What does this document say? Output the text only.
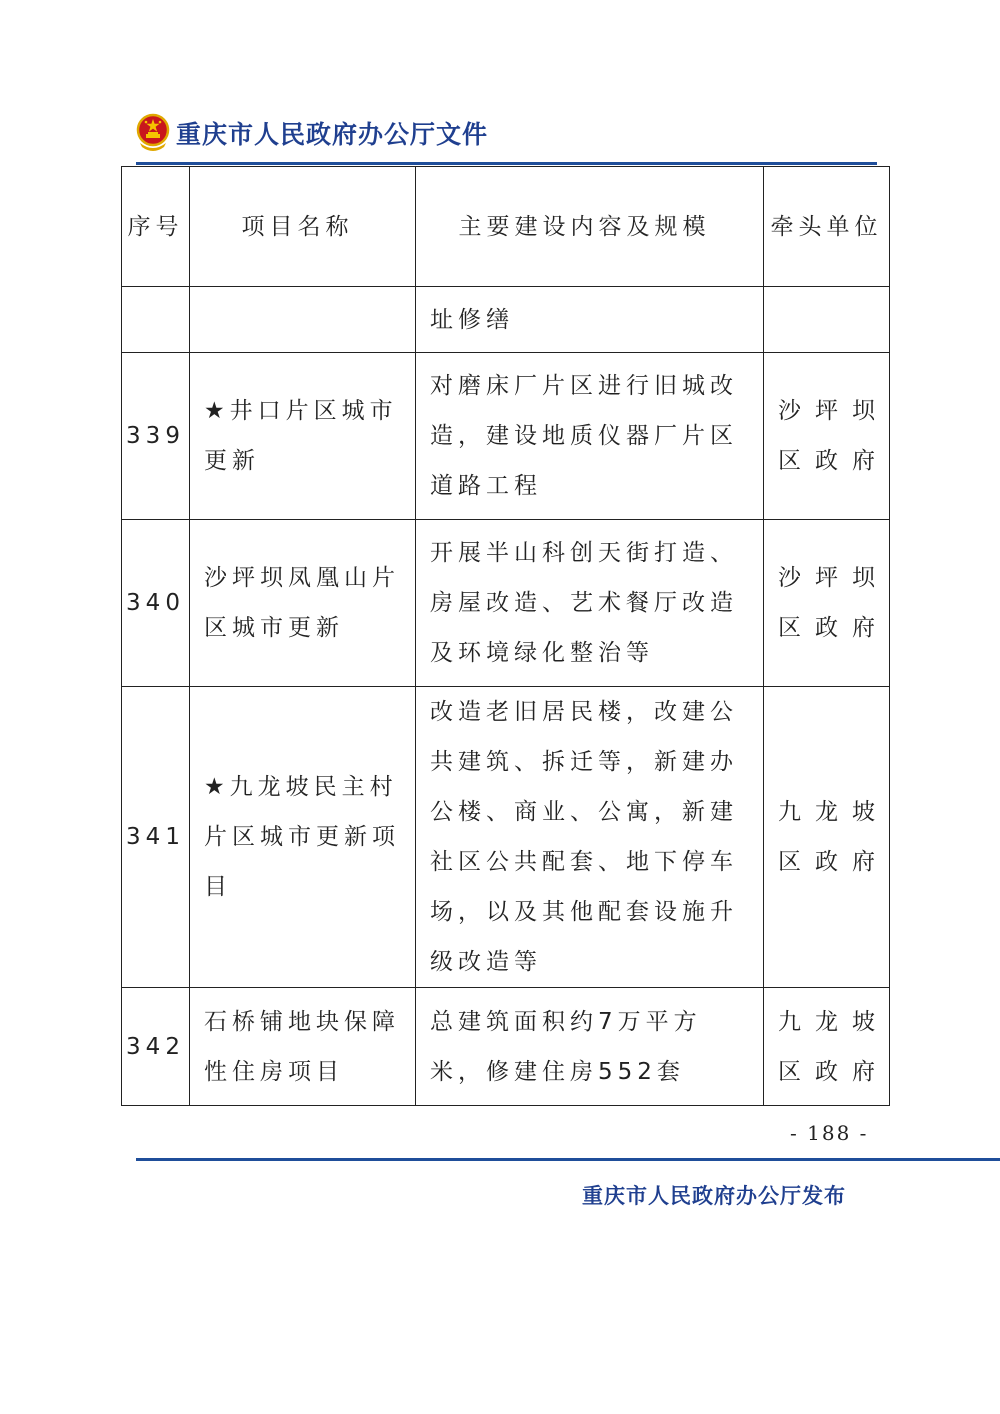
重庆市人民政府办公厅文件
序号	项目名称	主要建设内容及规模	牵头单位
		址修缮	
339	★井口片区城市更新	对磨床厂片区进行旧城改造，建设地质仪器厂片区道路工程	沙坪坝区政府
340	沙坪坝凤凰山片区城市更新	开展半山科创天街打造、房屋改造、艺术餐厅改造及环境绿化整治等	沙坪坝区政府
341	★九龙坡民主村片区城市更新项目	改造老旧居民楼，改建公共建筑、拆迁等，新建办公楼、商业、公寓，新建社区公共配套、地下停车场，以及其他配套设施升级改造等	九龙坡区政府
342	石桥铺地块保障性住房项目	总建筑面积约7万平方米，修建住房552套	九龙坡区政府
- 188 -
重庆市人民政府办公厅发布
